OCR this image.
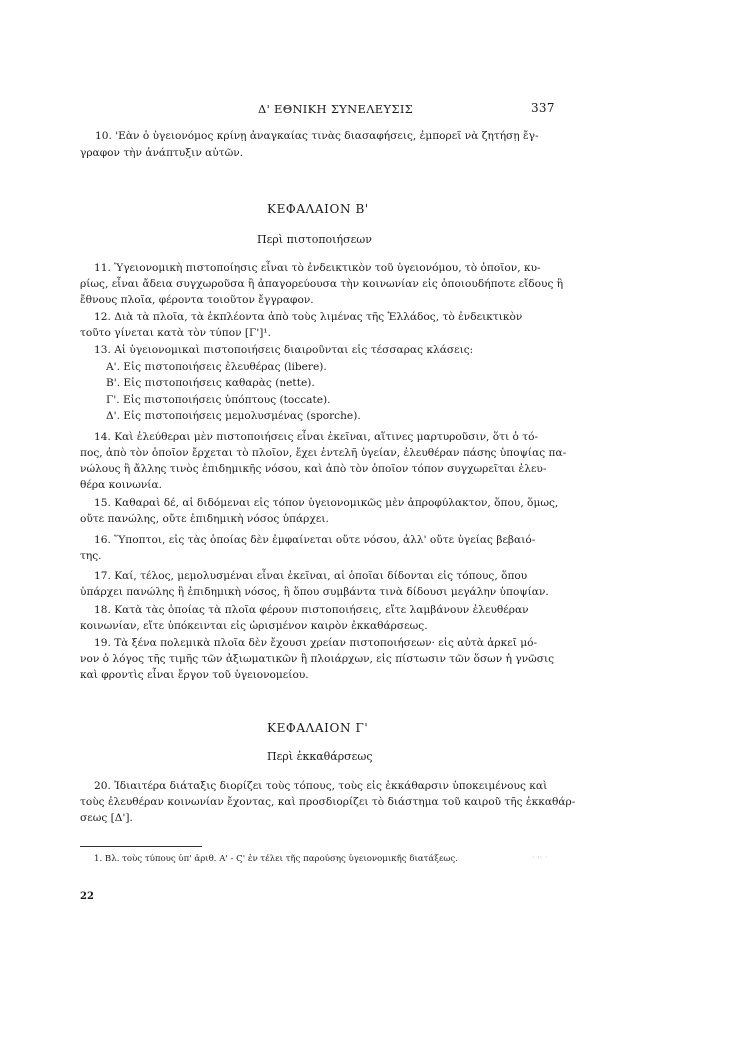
Δ' ΕΘΝΙΚΗ ΣΥΝΕΛΕΥΣΙΣ	337
10. 'Εὰν ὁ ὑγειονόμος κρίνῃ ἀναγκαίας τινὰς διασαφήσεις, ἐμπορεῖ νὰ ζητήσῃ ἔγ-
γραφον τὴν ἀνάπτυξιν αὐτῶν.
ΚΕΦΑΛΑΙΟΝ Β'
Περὶ πιστοποιήσεων
11. Ὑγειονομικὴ πιστοποίησις εἶναι τὸ ἐνδεικτικὸν τοῦ ὑγειονόμου, τὸ ὁποῖον, κυ-
ρίως, εἶναι ἄδεια συγχωροῦσα ἢ ἀπαγορεύουσα τὴν κοινωνίαν εἰς ὁποιουδήποτε εἴδους ἢ
ἔθνους πλοῖα, φέροντα τοιοῦτον ἔγγραφον.
12. Διὰ τὰ πλοῖα, τὰ ἐκπλέοντα ἀπὸ τοὺς λιμένας τῆς Ἑλλάδος, τὸ ἐνδεικτικὸν
τοῦτο γίνεται κατὰ τὸν τύπον [Γ']¹.
13. Αἱ ὑγειονομικαὶ πιστοποιήσεις διαιροῦνται εἰς τέσσαρας κλάσεις:
Α'. Εἰς πιστοποιήσεις ἐλευθέρας (libere).
Β'. Εἰς πιστοποιήσεις καθαρὰς (nette).
Γ'. Εἰς πιστοποιήσεις ὑπόπτους (toccate).
Δ'. Εἰς πιστοποιήσεις μεμολυσμένας (sporche).
14. Καὶ ἐλεύθεραι μὲν πιστοποιήσεις εἶναι ἐκεῖναι, αἵτινες μαρτυροῦσιν, ὅτι ὁ τό-
πος, ἀπὸ τὸν ὁποῖον ἔρχεται τὸ πλοῖον, ἔχει ἐντελῆ ὑγείαν, ἐλευθέραν πάσης ὑποψίας πα-
νώλους ἢ ἄλλης τινὸς ἐπιδημικῆς νόσου, καὶ ἀπὸ τὸν ὁποῖον τόπον συγχωρεῖται ἐλευ-
θέρα κοινωνία.
15. Καθαραὶ δέ, αἱ διδόμεναι εἰς τόπον ὑγειονομικῶς μὲν ἀπροφύλακτον, ὅπου, ὅμως,
οὔτε πανώλης, οὔτε ἐπιδημικὴ νόσος ὑπάρχει.
16. Ὕποπτοι, εἰς τὰς ὁποίας δὲν ἐμφαίνεται οὔτε νόσου, ἀλλ' οὔτε ὑγείας βεβαιό-
της.
17. Καί, τέλος, μεμολυσμέναι εἶναι ἐκεῖναι, αἱ ὁποῖαι δίδονται εἰς τόπους, ὅπου
ὑπάρχει πανώλης ἢ ἐπιδημικὴ νόσος, ἢ ὅπου συμβάντα τινὰ δίδουσι μεγάλην ὑποψίαν.
18. Κατὰ τὰς ὁποίας τὰ πλοῖα φέρουν πιστοποιήσεις, εἴτε λαμβάνουν ἐλευθέραν
κοινωνίαν, εἴτε ὑπόκεινται εἰς ὡρισμένον καιρὸν ἐκκαθάρσεως.
19. Τὰ ξένα πολεμικὰ πλοῖα δὲν ἔχουσι χρείαν πιστοποιήσεων· εἰς αὐτὰ ἀρκεῖ μό-
νον ὁ λόγος τῆς τιμῆς τῶν ἀξιωματικῶν ἢ πλοιάρχων, εἰς πίστωσιν τῶν ὅσων ἡ γνῶσις
καὶ φροντὶς εἶναι ἔργον τοῦ ὑγειονομείου.
ΚΕΦΑΛΑΙΟΝ Γ'
Περὶ ἐκκαθάρσεως
20. Ἰδιαιτέρα διάταξις διορίζει τοὺς τόπους, τοὺς εἰς ἐκκάθαρσιν ὑποκειμένους καὶ
τοὺς ἐλευθέραν κοινωνίαν ἔχοντας, καὶ προσδιορίζει τὸ διάστημα τοῦ καιροῦ τῆς ἐκκαθάρ-
σεως [Δ'].
1. Βλ. τοὺς τύπους ὑπ' ἀριθ. Α' - Ϛ' ἐν τέλει τῆς παρούσης ὑγειονομικῆς διατάξεως.	· ·· ·
22
